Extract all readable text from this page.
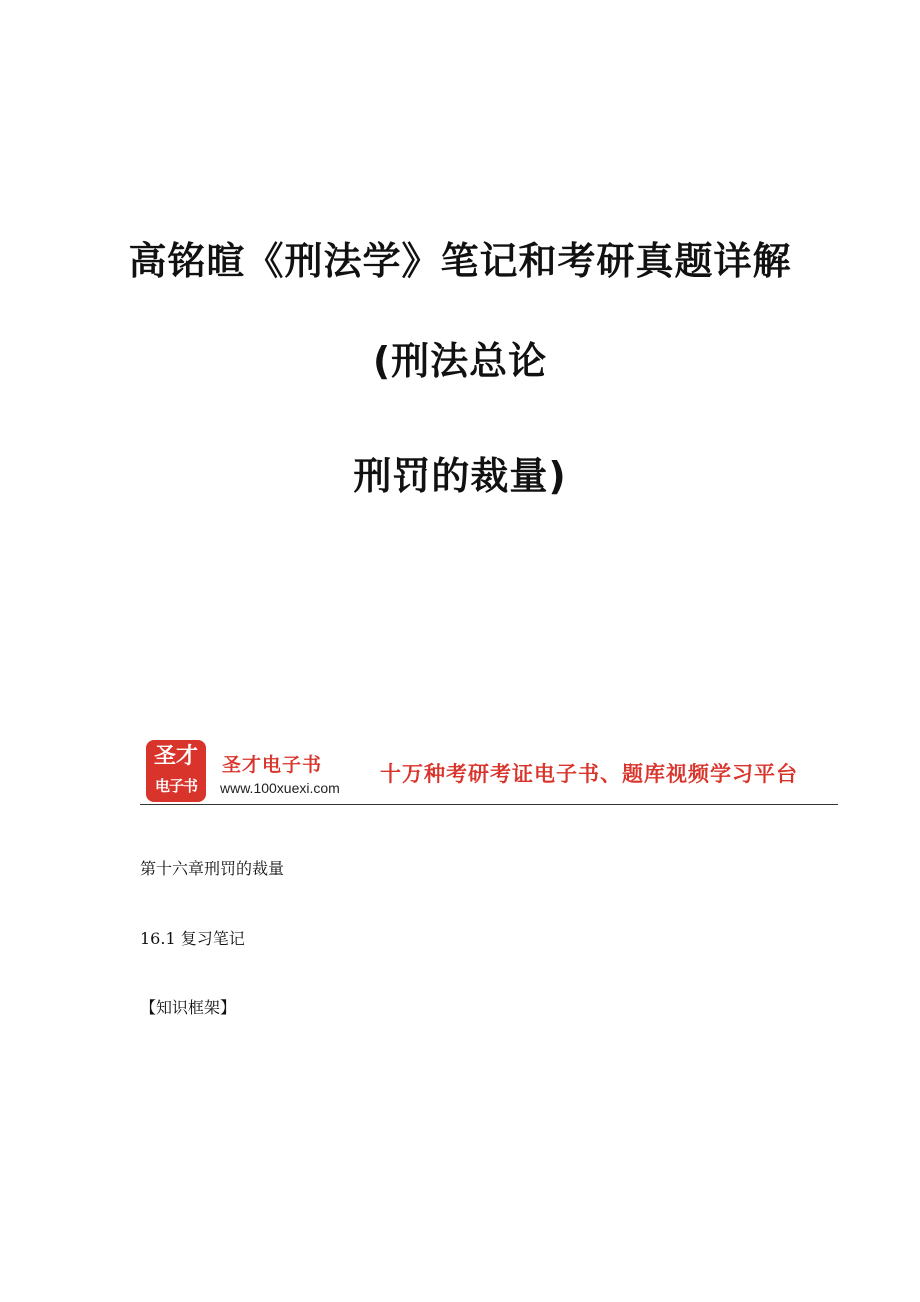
高铭暄《刑法学》笔记和考研真题详解
(刑法总论
刑罚的裁量)
圣才
电子书
圣才电子书
www.100xuexi.com
十万种考研考证电子书、题库视频学习平台
第十六章刑罚的裁量
16.1 复习笔记
【知识框架】
